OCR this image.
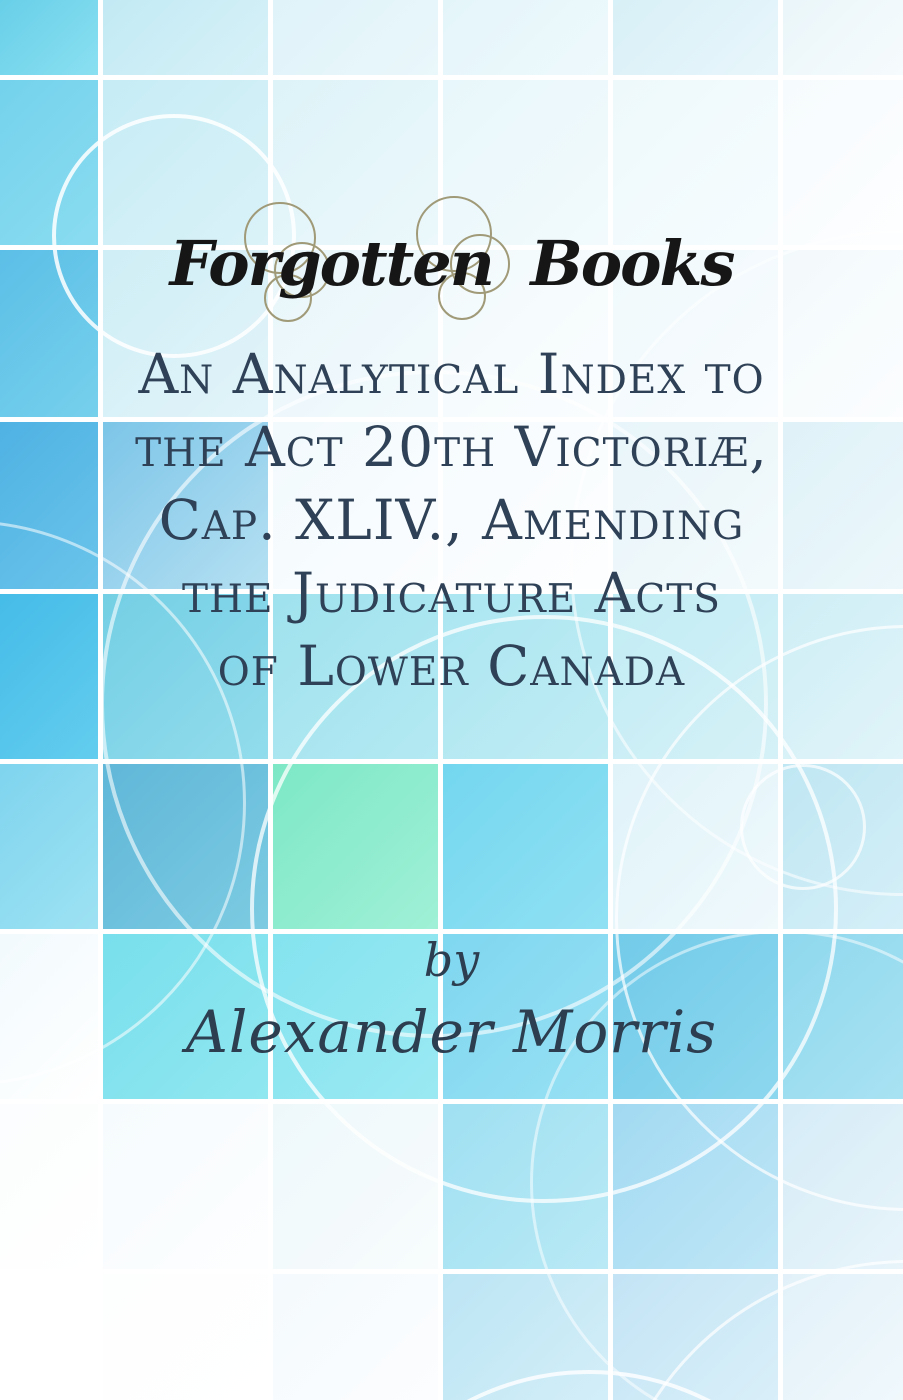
Forgotten Books
An Analytical Index to
the Act 20th Victoriæ,
Cap. XLIV., Amending
the Judicature Acts
of Lower Canada
by
Alexander Morris
